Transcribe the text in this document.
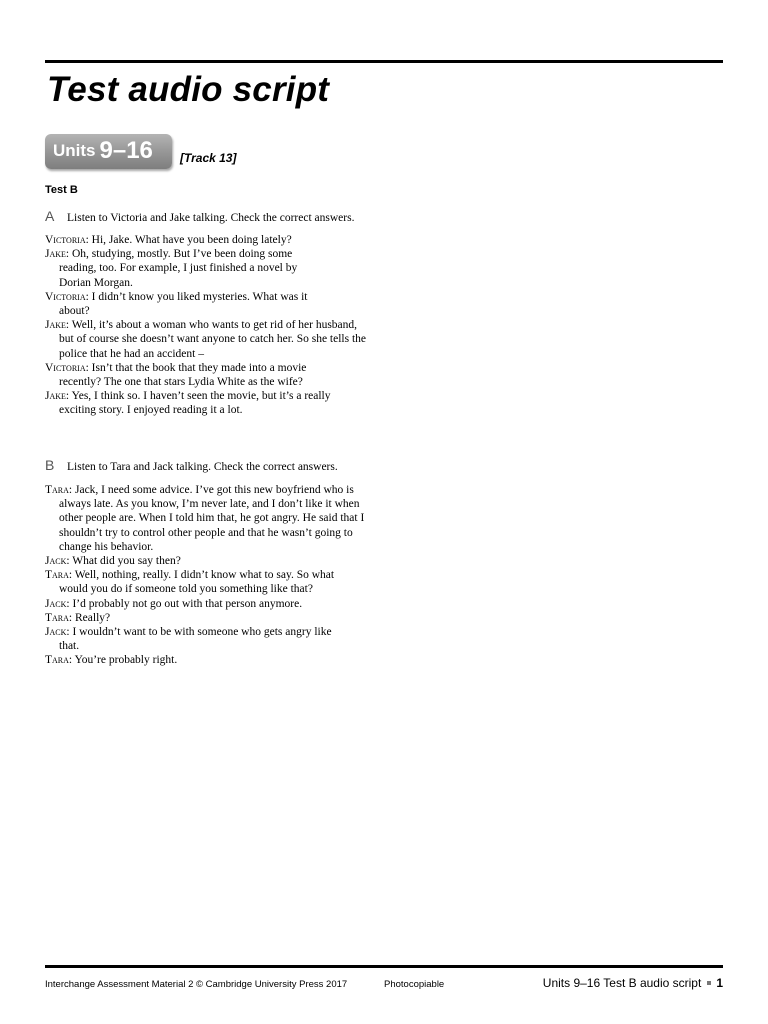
Test audio script
Units 9–16 [Track 13]
Test B
A	Listen to Victoria and Jake talking. Check the correct answers.
Victoria: Hi, Jake. What have you been doing lately?
Jake: Oh, studying, mostly. But I’ve been doing some reading, too. For example, I just finished a novel by Dorian Morgan.
Victoria: I didn’t know you liked mysteries. What was it about?
Jake: Well, it’s about a woman who wants to get rid of her husband, but of course she doesn’t want anyone to catch her. So she tells the police that he had an accident –
Victoria: Isn’t that the book that they made into a movie recently? The one that stars Lydia White as the wife?
Jake: Yes, I think so. I haven’t seen the movie, but it’s a really exciting story. I enjoyed reading it a lot.
B	Listen to Tara and Jack talking. Check the correct answers.
Tara: Jack, I need some advice. I’ve got this new boyfriend who is always late. As you know, I’m never late, and I don’t like it when other people are. When I told him that, he got angry. He said that I shouldn’t try to control other people and that he wasn’t going to change his behavior.
Jack: What did you say then?
Tara: Well, nothing, really. I didn’t know what to say. So what would you do if someone told you something like that?
Jack: I’d probably not go out with that person anymore.
Tara: Really?
Jack: I wouldn’t want to be with someone who gets angry like that.
Tara: You’re probably right.
Interchange Assessment Material 2 © Cambridge University Press 2017	Photocopiable	Units 9–16 Test B audio script 1
